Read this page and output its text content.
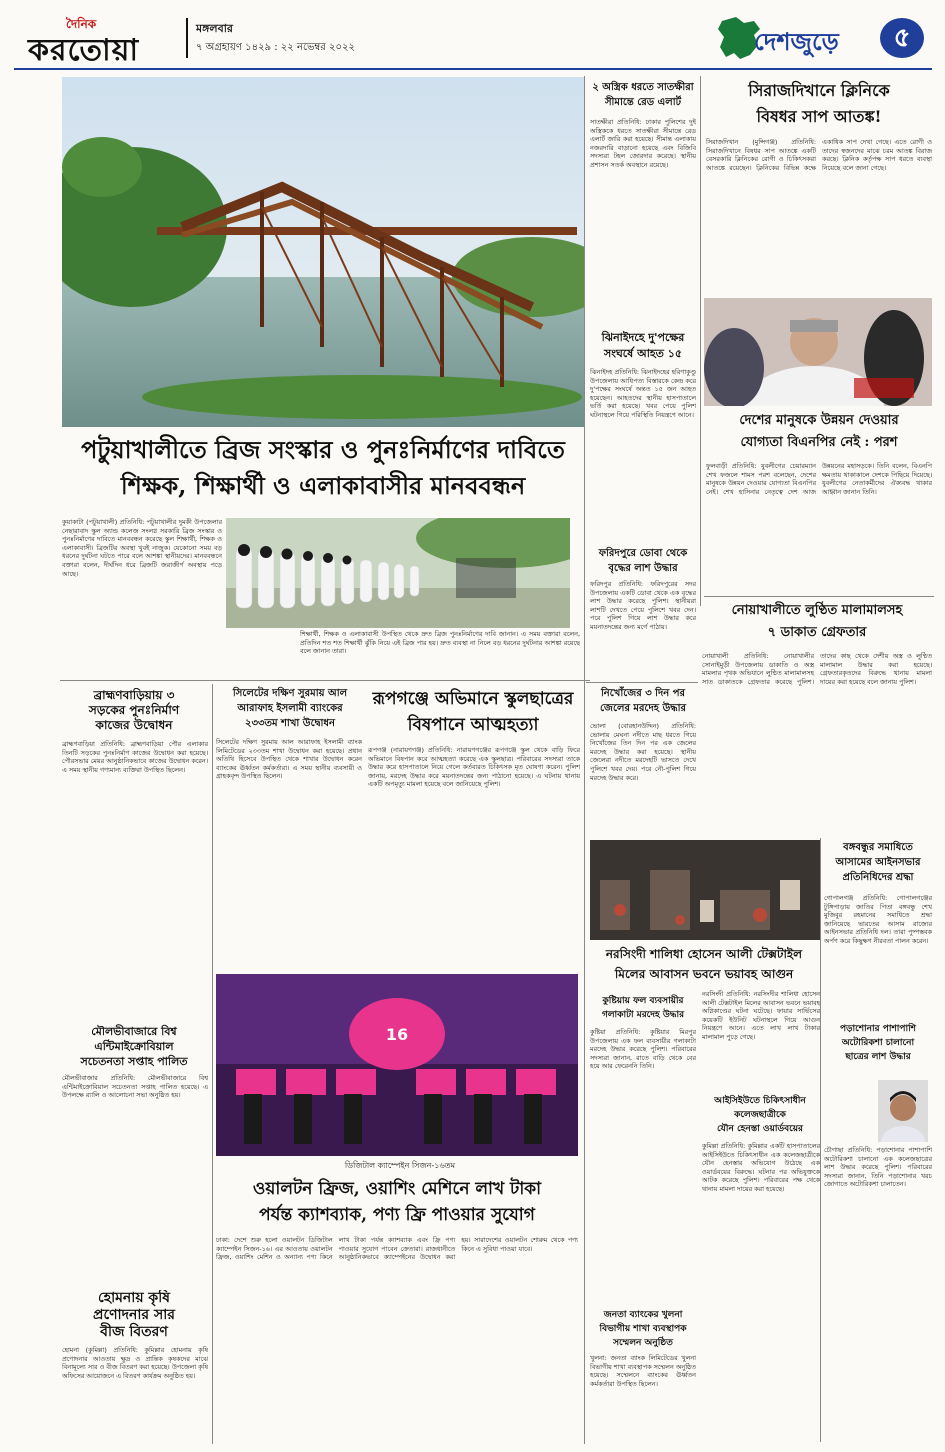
দৈনিক
করতোয়া
মঙ্গলবার
৭ অগ্রহায়ণ ১৪২৯ : ২২ নভেম্বর ২০২২	দেশজুড়ে	৫
পটুয়াখালীতে ব্রিজ সংস্কার ও পুনঃনির্মাণের দাবিতে
শিক্ষক, শিক্ষার্থী ও এলাকাবাসীর মানববন্ধন
কুয়াকাটা (পটুয়াখালী) প্রতিনিধি: পটুয়াখালীর দুমকী উপজেলার নেছারাবাদ স্কুল অ্যান্ড কলেজ সংলগ্ন সরকারি ব্রিজ সংস্কার ও পুনঃনির্মাণের দাবিতে মানববন্ধন করেছে স্কুল শিক্ষার্থী, শিক্ষক ও এলাকাবাসী। ব্রিজটির অবস্থা খুবই নাজুক। যেকোনো সময় বড় ধরনের দুর্ঘটনা ঘটতে পারে বলে আশঙ্কা স্থানীয়দের। মানববন্ধনে বক্তারা বলেন, দীর্ঘদিন ধরে ব্রিজটি জরাজীর্ণ অবস্থায় পড়ে আছে।
শিক্ষার্থী, শিক্ষক ও এলাকাবাসী উপস্থিত থেকে দ্রুত ব্রিজ পুনঃনির্মাণের দাবি জানান। এ সময় বক্তারা বলেন, প্রতিদিন শত শত শিক্ষার্থী ঝুঁকি নিয়ে এই ব্রিজ পার হয়। দ্রুত ব্যবস্থা না নিলে বড় ধরনের দুর্ঘটনার আশঙ্কা রয়েছে বলে জানান তারা।
ব্রাহ্মণবাড়িয়ায় ৩
সড়কের পুনঃনির্মাণ
কাজের উদ্বোধন
ব্রাহ্মণবাড়িয়া প্রতিনিধি: ব্রাহ্মণবাড়িয়া পৌর এলাকার তিনটি সড়কের পুনঃনির্মাণ কাজের উদ্বোধন করা হয়েছে। পৌরসভার মেয়র আনুষ্ঠানিকভাবে কাজের উদ্বোধন করেন। এ সময় স্থানীয় গণ্যমান্য ব্যক্তিরা উপস্থিত ছিলেন।
মৌলভীবাজারে বিশ্ব
এন্টিমাইক্রোবিয়াল
সচেতনতা সপ্তাহ পালিত
মৌলভীবাজার প্রতিনিধি: মৌলভীবাজারে বিশ্ব এন্টিমাইক্রোবিয়াল সচেতনতা সপ্তাহ পালিত হয়েছে। এ উপলক্ষে র‍্যালি ও আলোচনা সভা অনুষ্ঠিত হয়।
হোমনায় কৃষি
প্রণোদনার সার
বীজ বিতরণ
হোমনা (কুমিল্লা) প্রতিনিধি: কুমিল্লার হোমনায় কৃষি প্রণোদনার আওতায় ক্ষুদ্র ও প্রান্তিক কৃষকদের মাঝে বিনামূল্যে সার ও বীজ বিতরণ করা হয়েছে। উপজেলা কৃষি অফিসের আয়োজনে এ বিতরণ কার্যক্রম অনুষ্ঠিত হয়।
সিলেটের দক্ষিণ সুরমায় আল
আরাফাহ ইসলামী ব্যাংকের
২৩৩তম শাখা উদ্বোধন
সিলেটের দক্ষিণ সুরমায় আল আরাফাহ ইসলামী ব্যাংক লিমিটেডের ২৩৩তম শাখা উদ্বোধন করা হয়েছে। প্রধান অতিথি হিসেবে উপস্থিত থেকে শাখার উদ্বোধন করেন ব্যাংকের ঊর্ধ্বতন কর্মকর্তারা। এ সময় স্থানীয় ব্যবসায়ী ও গ্রাহকবৃন্দ উপস্থিত ছিলেন।
রূপগঞ্জে অভিমানে স্কুলছাত্রের
বিষপানে আত্মহত্যা
রূপগঞ্জ (নারায়ণগঞ্জ) প্রতিনিধি: নারায়ণগঞ্জের রূপগঞ্জে স্কুল থেকে বাড়ি ফিরে অভিমানে বিষপান করে আত্মহত্যা করেছে এক স্কুলছাত্র। পরিবারের সদস্যরা তাকে উদ্ধার করে হাসপাতালে নিয়ে গেলে কর্তব্যরত চিকিৎসক মৃত ঘোষণা করেন। পুলিশ জানায়, মরদেহ উদ্ধার করে ময়নাতদন্তের জন্য পাঠানো হয়েছে। এ ঘটনায় থানায় একটি অপমৃত্যু মামলা হয়েছে বলে জানিয়েছে পুলিশ।
16
ডিজিটাল ক্যাম্পেইন সিজন-১৬তম
ওয়ালটন ফ্রিজ, ওয়াশিং মেশিনে লাখ টাকা
পর্যন্ত ক্যাশব্যাক, পণ্য ফ্রি পাওয়ার সুযোগ
ঢাকা: দেশে শুরু হলো ওয়ালটন ডিজিটাল ক্যাম্পেইন সিজন-১৬। এর আওতায় ওয়ালটন ফ্রিজ, ওয়াশিং মেশিন ও অন্যান্য পণ্য কিনে লাখ টাকা পর্যন্ত ক্যাশব্যাক এবং ফ্রি পণ্য পাওয়ার সুযোগ পাবেন ক্রেতারা। রাজধানীতে আনুষ্ঠানিকভাবে ক্যাম্পেইনের উদ্বোধন করা হয়। সারাদেশের ওয়ালটন শোরুম থেকে পণ্য কিনে এ সুবিধা পাওয়া যাবে।
২ অস্ত্রিক ধরতে সাতক্ষীরা
সীমান্তে রেড এলার্ট
সাতক্ষীরা প্রতিনিধি: ঢাকার পুলিশের দুই অস্ত্রিককে ধরতে সাতক্ষীরা সীমান্তে রেড এলার্ট জারি করা হয়েছে। সীমান্ত এলাকায় নজরদারি বাড়ানো হয়েছে এবং বিজিবি সদস্যরা টহল জোরদার করেছে। স্থানীয় প্রশাসন সতর্ক অবস্থানে রয়েছে।
ঝিনাইদহে দু'পক্ষের
সংঘর্ষে আহত ১৫
ঝিনাইদহ প্রতিনিধি: ঝিনাইদহের হরিণাকুণ্ডু উপজেলায় আধিপত্য বিস্তারকে কেন্দ্র করে দু'পক্ষের সংঘর্ষে অন্তত ১৫ জন আহত হয়েছেন। আহতদের স্থানীয় হাসপাতালে ভর্তি করা হয়েছে। খবর পেয়ে পুলিশ ঘটনাস্থলে গিয়ে পরিস্থিতি নিয়ন্ত্রণে আনে।
ফরিদপুরে ডোবা থেকে
বৃদ্ধের লাশ উদ্ধার
ফরিদপুর প্রতিনিধি: ফরিদপুরের সদর উপজেলায় একটি ডোবা থেকে এক বৃদ্ধের লাশ উদ্ধার করেছে পুলিশ। স্থানীয়রা লাশটি দেখতে পেয়ে পুলিশে খবর দেন। পরে পুলিশ গিয়ে লাশ উদ্ধার করে ময়নাতদন্তের জন্য মর্গে পাঠায়।
নিখোঁজের ৩ দিন পর
জেলের মরদেহ উদ্ধার
ভোলা (বোরহানউদ্দিন) প্রতিনিধি: ভোলায় মেঘনা নদীতে মাছ ধরতে গিয়ে নিখোঁজের তিন দিন পর এক জেলের মরদেহ উদ্ধার করা হয়েছে। স্থানীয় জেলেরা নদীতে মরদেহটি ভাসতে দেখে পুলিশে খবর দেয়। পরে নৌ-পুলিশ গিয়ে মরদেহ উদ্ধার করে।
কুষ্টিয়ায় ফল ব্যবসায়ীর
গলাকাটা মরদেহ উদ্ধার
কুষ্টিয়া প্রতিনিধি: কুষ্টিয়ার মিরপুর উপজেলায় এক ফল ব্যবসায়ীর গলাকাটা মরদেহ উদ্ধার করেছে পুলিশ। পরিবারের সদস্যরা জানান, রাতে বাড়ি থেকে বের হয়ে আর ফেরেননি তিনি।
জনতা ব্যাংকের খুলনা
বিভাগীয় শাখা ব্যবস্থাপক
সম্মেলন অনুষ্ঠিত
খুলনা: জনতা ব্যাংক লিমিটেডের খুলনা বিভাগীয় শাখা ব্যবস্থাপক সম্মেলন অনুষ্ঠিত হয়েছে। সম্মেলনে ব্যাংকের ঊর্ধ্বতন কর্মকর্তারা উপস্থিত ছিলেন।
সিরাজদিখানে ক্লিনিকে
বিষধর সাপ আতঙ্ক!
সিরাজদিখান (মুন্সিগঞ্জ) প্রতিনিধি: সিরাজদিখানে বিষধর সাপ আতঙ্কে একটি বেসরকারি ক্লিনিকের রোগী ও চিকিৎসকরা আতঙ্কে রয়েছেন। ক্লিনিকের বিভিন্ন কক্ষে একাধিক সাপ দেখা গেছে। এতে রোগী ও তাদের স্বজনদের মাঝে চরম আতঙ্ক বিরাজ করছে। ক্লিনিক কর্তৃপক্ষ সাপ ধরতে ব্যবস্থা নিয়েছে বলে জানা গেছে।
দেশের মানুষকে উন্নয়ন দেওয়ার
যোগ্যতা বিএনপির নেই : পরশ
ফুলবাড়ী প্রতিনিধি: যুবলীগের চেয়ারম্যান শেখ ফজলে শামস পরশ বলেছেন, দেশের মানুষকে উন্নয়ন দেওয়ার যোগ্যতা বিএনপির নেই। শেখ হাসিনার নেতৃত্বে দেশ আজ উন্নয়নের মহাসড়কে। তিনি বলেন, বিএনপি ক্ষমতায় থাকাকালে দেশকে পিছিয়ে দিয়েছে। যুবলীগের নেতাকর্মীদের ঐক্যবদ্ধ থাকার আহ্বান জানান তিনি।
নোয়াখালীতে লুণ্ঠিত মালামালসহ
৭ ডাকাত গ্রেফতার
নোয়াখালী প্রতিনিধি: নোয়াখালীর সোনাইমুড়ী উপজেলায় ডাকাতি ও অস্ত্র মামলার পৃথক অভিযানে লুণ্ঠিত মালামালসহ সাত ডাকাতকে গ্রেফতার করেছে পুলিশ। তাদের কাছ থেকে দেশীয় অস্ত্র ও লুণ্ঠিত মালামাল উদ্ধার করা হয়েছে। গ্রেফতারকৃতদের বিরুদ্ধে থানায় মামলা দায়ের করা হয়েছে বলে জানায় পুলিশ।
বঙ্গবন্ধুর সমাধিতে
আসামের আইনসভার
প্রতিনিধিদের শ্রদ্ধা
গোপালগঞ্জ প্রতিনিধি: গোপালগঞ্জের টুঙ্গিপাড়ায় জাতির পিতা বঙ্গবন্ধু শেখ মুজিবুর রহমানের সমাধিতে শ্রদ্ধা জানিয়েছে ভারতের আসাম রাজ্যের আইনসভার প্রতিনিধি দল। তারা পুষ্পস্তবক অর্পণ করে কিছুক্ষণ নীরবতা পালন করেন।
নরসিংদী শালিধা হোসেন আলী টেক্সটাইল
মিলের আবাসন ভবনে ভয়াবহ আগুন
নরসিংদী প্রতিনিধি: নরসিংদীর শালিধা হোসেন আলী টেক্সটাইল মিলের আবাসন ভবনে ভয়াবহ অগ্নিকাণ্ডের ঘটনা ঘটেছে। ফায়ার সার্ভিসের কয়েকটি ইউনিট ঘটনাস্থলে গিয়ে আগুন নিয়ন্ত্রণে আনে। এতে লাখ লাখ টাকার মালামাল পুড়ে গেছে।
পড়াশোনার পাশাপাশি
অটোরিকশা চালানো
ছাত্রের লাশ উদ্ধার
চৌগাছা প্রতিনিধি: পড়াশোনার পাশাপাশি অটোরিকশা চালানো এক কলেজছাত্রের লাশ উদ্ধার করেছে পুলিশ। পরিবারের সদস্যরা জানান, তিনি পড়াশোনার খরচ জোগাতে অটোরিকশা চালাতেন।
আইসিইউতে চিকিৎসাধীন কলেজছাত্রীকে
যৌন হেনস্তা ওয়ার্ডবয়ের
কুমিল্লা প্রতিনিধি: কুমিল্লার একটি হাসপাতালের আইসিইউতে চিকিৎসাধীন এক কলেজছাত্রীকে যৌন হেনস্তার অভিযোগ উঠেছে এক ওয়ার্ডবয়ের বিরুদ্ধে। ঘটনার পর অভিযুক্তকে আটক করেছে পুলিশ। পরিবারের পক্ষ থেকে থানায় মামলা দায়ের করা হয়েছে।
